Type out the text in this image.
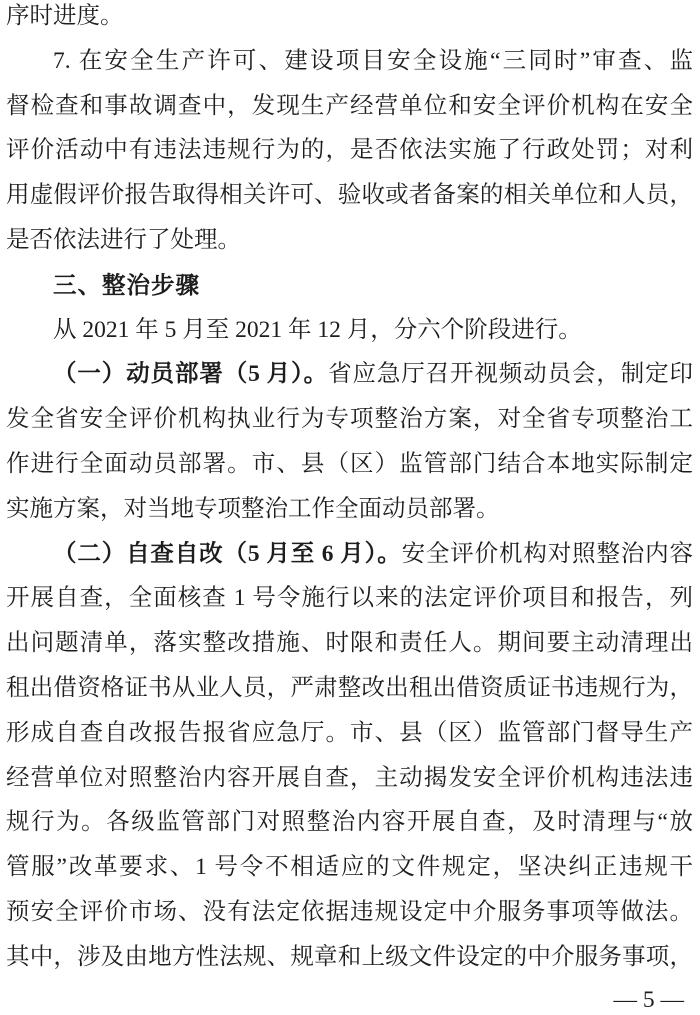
序时进度。
7. 在安全生产许可、建设项目安全设施“三同时”审查、监
督检查和事故调查中，发现生产经营单位和安全评价机构在安全
评价活动中有违法违规行为的，是否依法实施了行政处罚；对利
用虚假评价报告取得相关许可、验收或者备案的相关单位和人员，
是否依法进行了处理。
三、整治步骤
从 2021 年 5 月至 2021 年 12 月，分六个阶段进行。
（一）动员部署（5 月）。省应急厅召开视频动员会，制定印
发全省安全评价机构执业行为专项整治方案，对全省专项整治工
作进行全面动员部署。市、县（区）监管部门结合本地实际制定
实施方案，对当地专项整治工作全面动员部署。
（二）自查自改（5 月至 6 月）。安全评价机构对照整治内容
开展自查，全面核查 1 号令施行以来的法定评价项目和报告，列
出问题清单，落实整改措施、时限和责任人。期间要主动清理出
租出借资格证书从业人员，严肃整改出租出借资质证书违规行为，
形成自查自改报告报省应急厅。市、县（区）监管部门督导生产
经营单位对照整治内容开展自查，主动揭发安全评价机构违法违
规行为。各级监管部门对照整治内容开展自查，及时清理与“放
管服”改革要求、1 号令不相适应的文件规定，坚决纠正违规干
预安全评价市场、没有法定依据违规设定中介服务事项等做法。
其中，涉及由地方性法规、规章和上级文件设定的中介服务事项，
— 5 —
